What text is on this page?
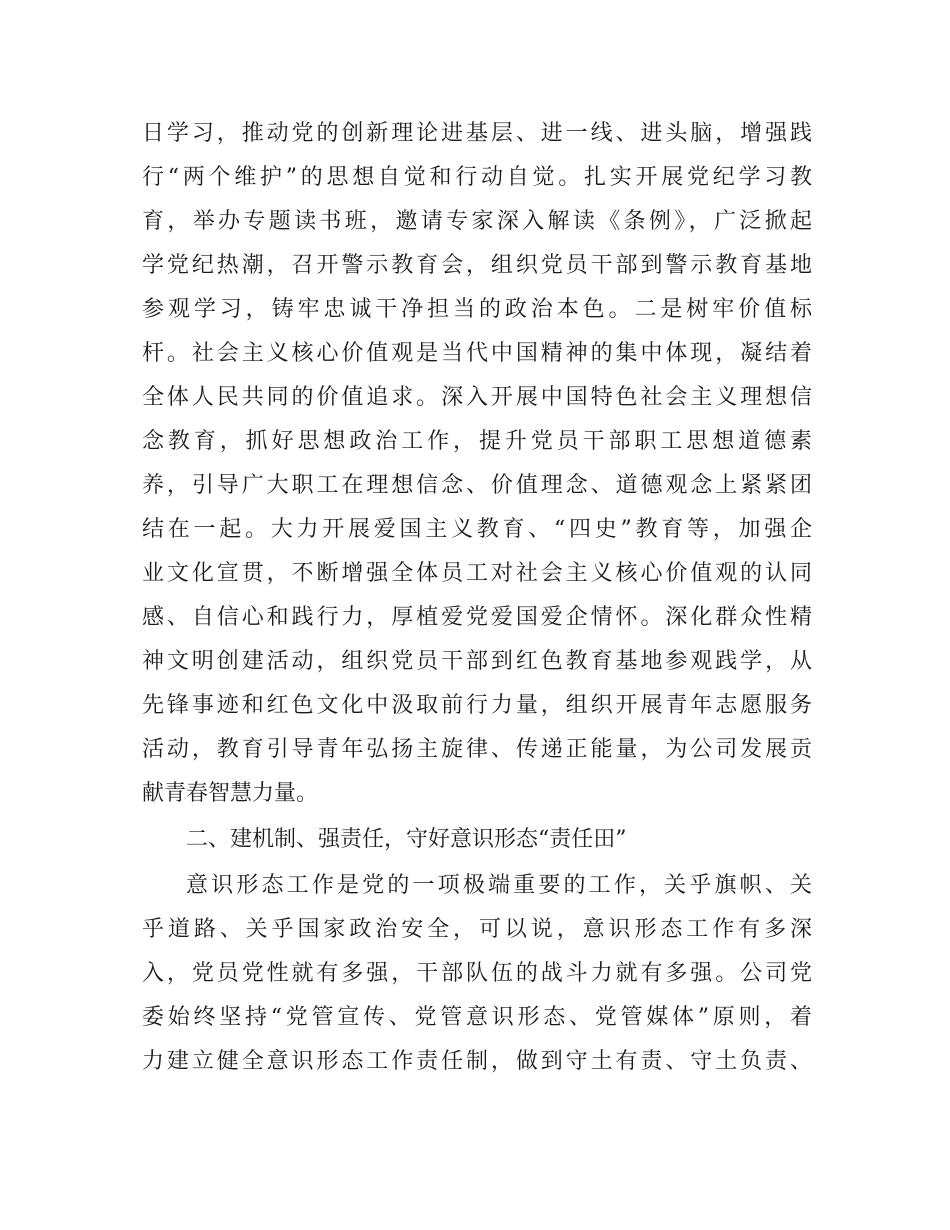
日学习，推动党的创新理论进基层、进一线、进头脑，增强践
行“两个维护”的思想自觉和行动自觉。扎实开展党纪学习教
育，举办专题读书班，邀请专家深入解读《条例》，广泛掀起
学党纪热潮，召开警示教育会，组织党员干部到警示教育基地
参观学习，铸牢忠诚干净担当的政治本色。二是树牢价值标
杆。社会主义核心价值观是当代中国精神的集中体现，凝结着
全体人民共同的价值追求。深入开展中国特色社会主义理想信
念教育，抓好思想政治工作，提升党员干部职工思想道德素
养，引导广大职工在理想信念、价值理念、道德观念上紧紧团
结在一起。大力开展爱国主义教育、“四史”教育等，加强企
业文化宣贯，不断增强全体员工对社会主义核心价值观的认同
感、自信心和践行力，厚植爱党爱国爱企情怀。深化群众性精
神文明创建活动，组织党员干部到红色教育基地参观践学，从
先锋事迹和红色文化中汲取前行力量，组织开展青年志愿服务
活动，教育引导青年弘扬主旋律、传递正能量，为公司发展贡
献青春智慧力量。
二、建机制、强责任，守好意识形态“责任田”
意识形态工作是党的一项极端重要的工作，关乎旗帜、关
乎道路、关乎国家政治安全，可以说，意识形态工作有多深
入，党员党性就有多强，干部队伍的战斗力就有多强。公司党
委始终坚持“党管宣传、党管意识形态、党管媒体”原则，着
力建立健全意识形态工作责任制，做到守土有责、守土负责、
